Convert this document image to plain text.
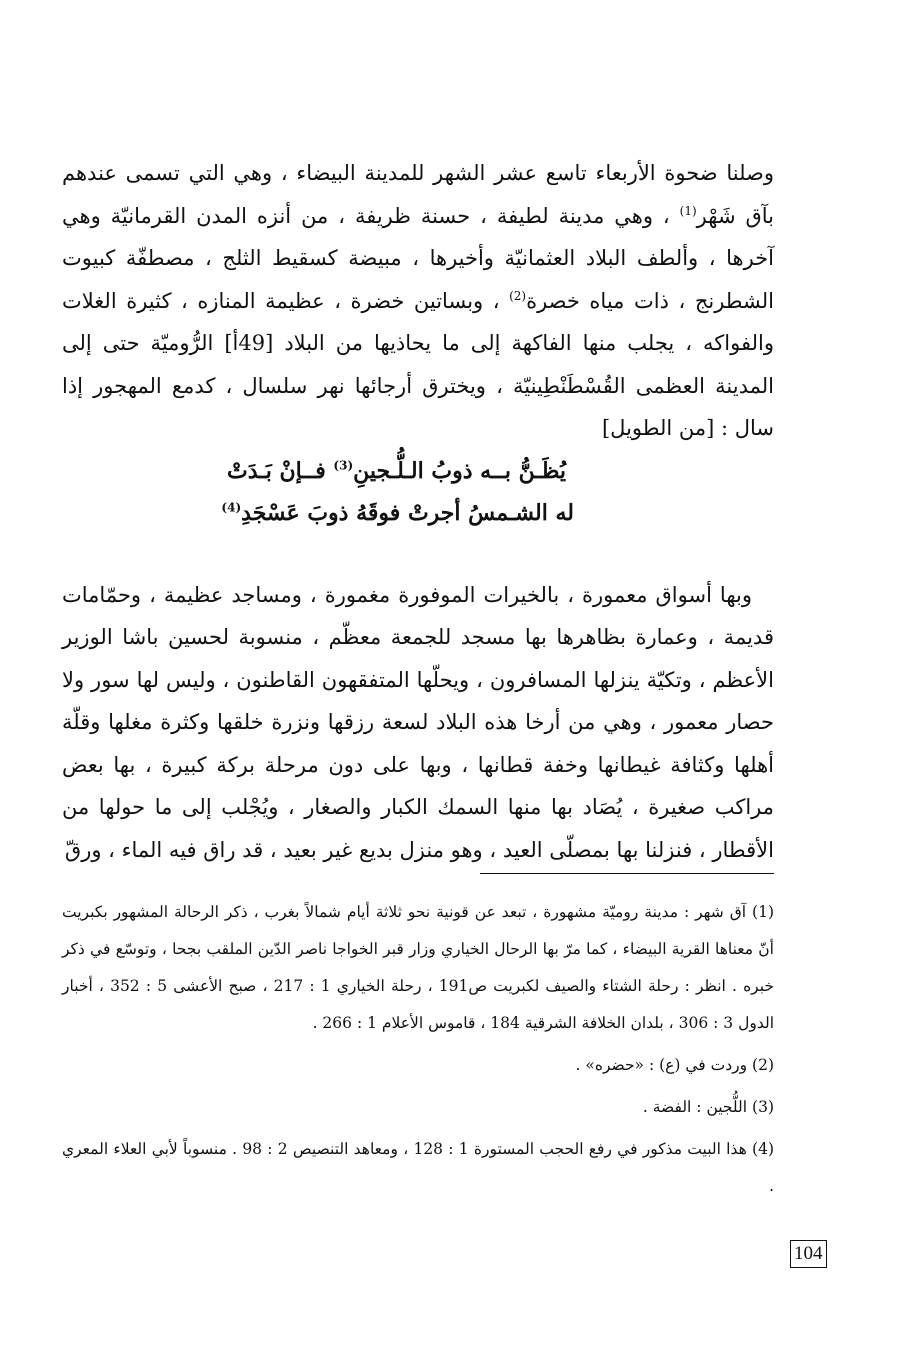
وصلنا ضحوة الأربعاء تاسع عشر الشهر للمدينة البيضاء ، وهي التي تسمى عندهم بآق شَهْر$^{(1)}$ ، وهي مدينة لطيفة ، حسنة ظريفة ، من أنزه المدن القرمانيّة وهي آخرها ، وألطف البلاد العثمانيّة وأخيرها ، مبيضة كسقيط الثلج ، مصطفّة كبيوت الشطرنج ، ذات مياه خصرة$^{(2)}$ ، وبساتين خضرة ، عظيمة المنازه ، كثيرة الغلات والفواكه ، يجلب منها الفاكهة إلى ما يحاذيها من البلاد [49أ] الرُّوميّة حتى إلى المدينة العظمى القُسْطَنْطِينيّة ، ويخترق أرجائها نهر سلسال ، كدمع المهجور إذا سال : [من الطويل]

يُظَـنُّ بــه ذوبُ الـلُّـجينِ$^{(3)}$ فــإنْ بَـدَتْ
له الشـمسُ أجرتْ فوقَهُ ذوبَ عَسْجَدِ$^{(4)}$

وبها أسواق معمورة ، بالخيرات الموفورة مغمورة ، ومساجد عظيمة ، وحمّامات قديمة ، وعمارة بظاهرها بها مسجد للجمعة معظّم ، منسوبة لحسين باشا الوزير الأعظم ، وتكيّة ينزلها المسافرون ، ويحلّها المتفقهون القاطنون ، وليس لها سور ولا حصار معمور ، وهي من أرخا هذه البلاد لسعة رزقها ونزرة خلقها وكثرة مغلها وقلّة أهلها وكثافة غيطانها وخفة قطانها ، وبها على دون مرحلة بركة كبيرة ، بها بعض مراكب صغيرة ، يُصَاد بها منها السمك الكبار والصغار ، ويُجْلب إلى ما حولها من الأقطار ، فنزلنا بها بمصلّى العيد ، وهو منزل بديع غير بعيد ، قد راق فيه الماء ، ورقّ

(1) آق شهر : مدينة روميّة مشهورة ، تبعد عن قونية نحو ثلاثة أيام شمالاً بغرب ، ذكر الرحالة المشهور بكبريت أنّ معناها القرية البيضاء ، كما مرّ بها الرحال الخياري وزار قبر الخواجا ناصر الدّين الملقب بجحا ، وتوسّع في ذكر خبره . انظر : رحلة الشتاء والصيف لكبريت ص191 ، رحلة الخياري 1 : 217 ، صبح الأعشى 5 : 352 ، أخبار الدول 3 : 306 ، بلدان الخلافة الشرقية 184 ، قاموس الأعلام 1 : 266 .

(2) وردت في (ع) : «حضره» .

(3) اللُّجين : الفضة .

(4) هذا البيت مذكور في رفع الحجب المستورة 1 : 128 ، ومعاهد التنصيص 2 : 98 . منسوباً لأبي العلاء المعري .

104
